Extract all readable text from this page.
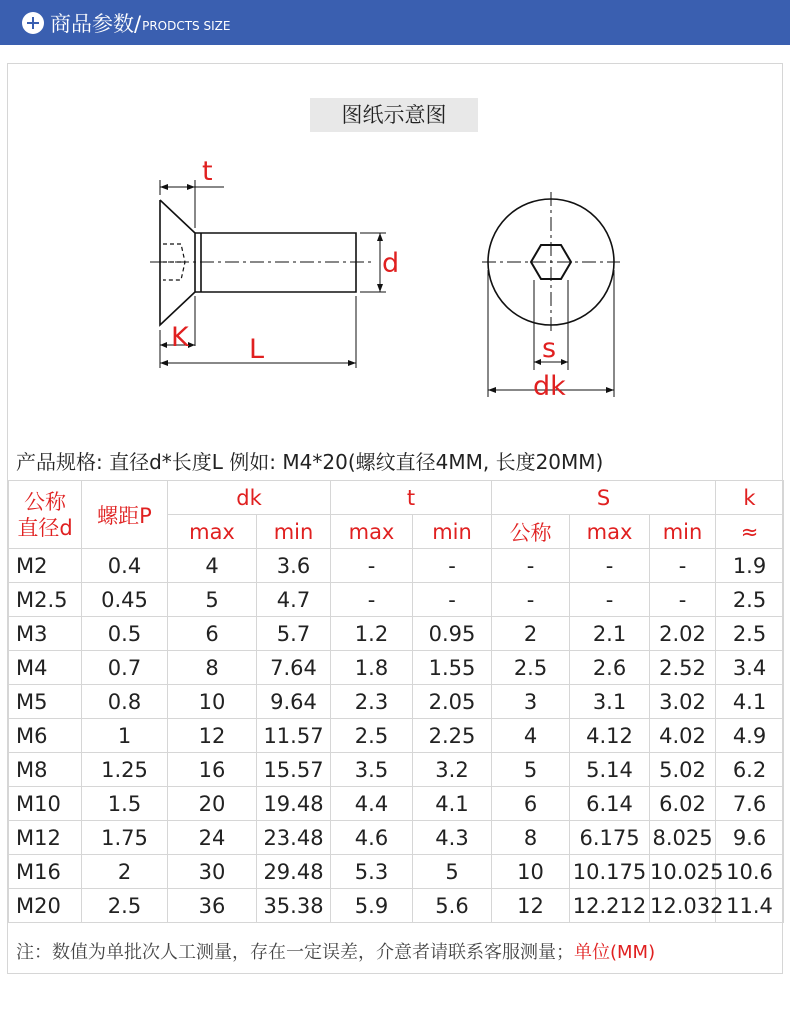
商品参数/ PRODCTS SIZE
图纸示意图
t
d
K L	s
dk
产品规格: 直径d*长度L 例如: M4*20(螺纹直径4MM, 长度20MM)
公称
直径d	螺距P	dk		t		S			k
		max	min	max	min	公称	max	min	≈
M2	0.4	4	3.6	-	-	-	-	-	1.9
M2.5	0.45	5	4.7	-	-	-	-	-	2.5
M3	0.5	6	5.7	1.2	0.95	2	2.1	2.02	2.5
M4	0.7	8	7.64	1.8	1.55	2.5	2.6	2.52	3.4
M5	0.8	10	9.64	2.3	2.05	3	3.1	3.02	4.1
M6	1	12	11.57	2.5	2.25	4	4.12	4.02	4.9
M8	1.25	16	15.57	3.5	3.2	5	5.14	5.02	6.2
M10	1.5	20	19.48	4.4	4.1	6	6.14	6.02	7.6
M12	1.75	24	23.48	4.6	4.3	8	6.175	8.025	9.6
M16	2	30	29.48	5.3	5	10	10.175	10.025	10.6
M20	2.5	36	35.38	5.9	5.6	12	12.212	12.032	11.4
注：数值为单批次人工测量，存在一定误差，介意者请联系客服测量；单位(MM)
